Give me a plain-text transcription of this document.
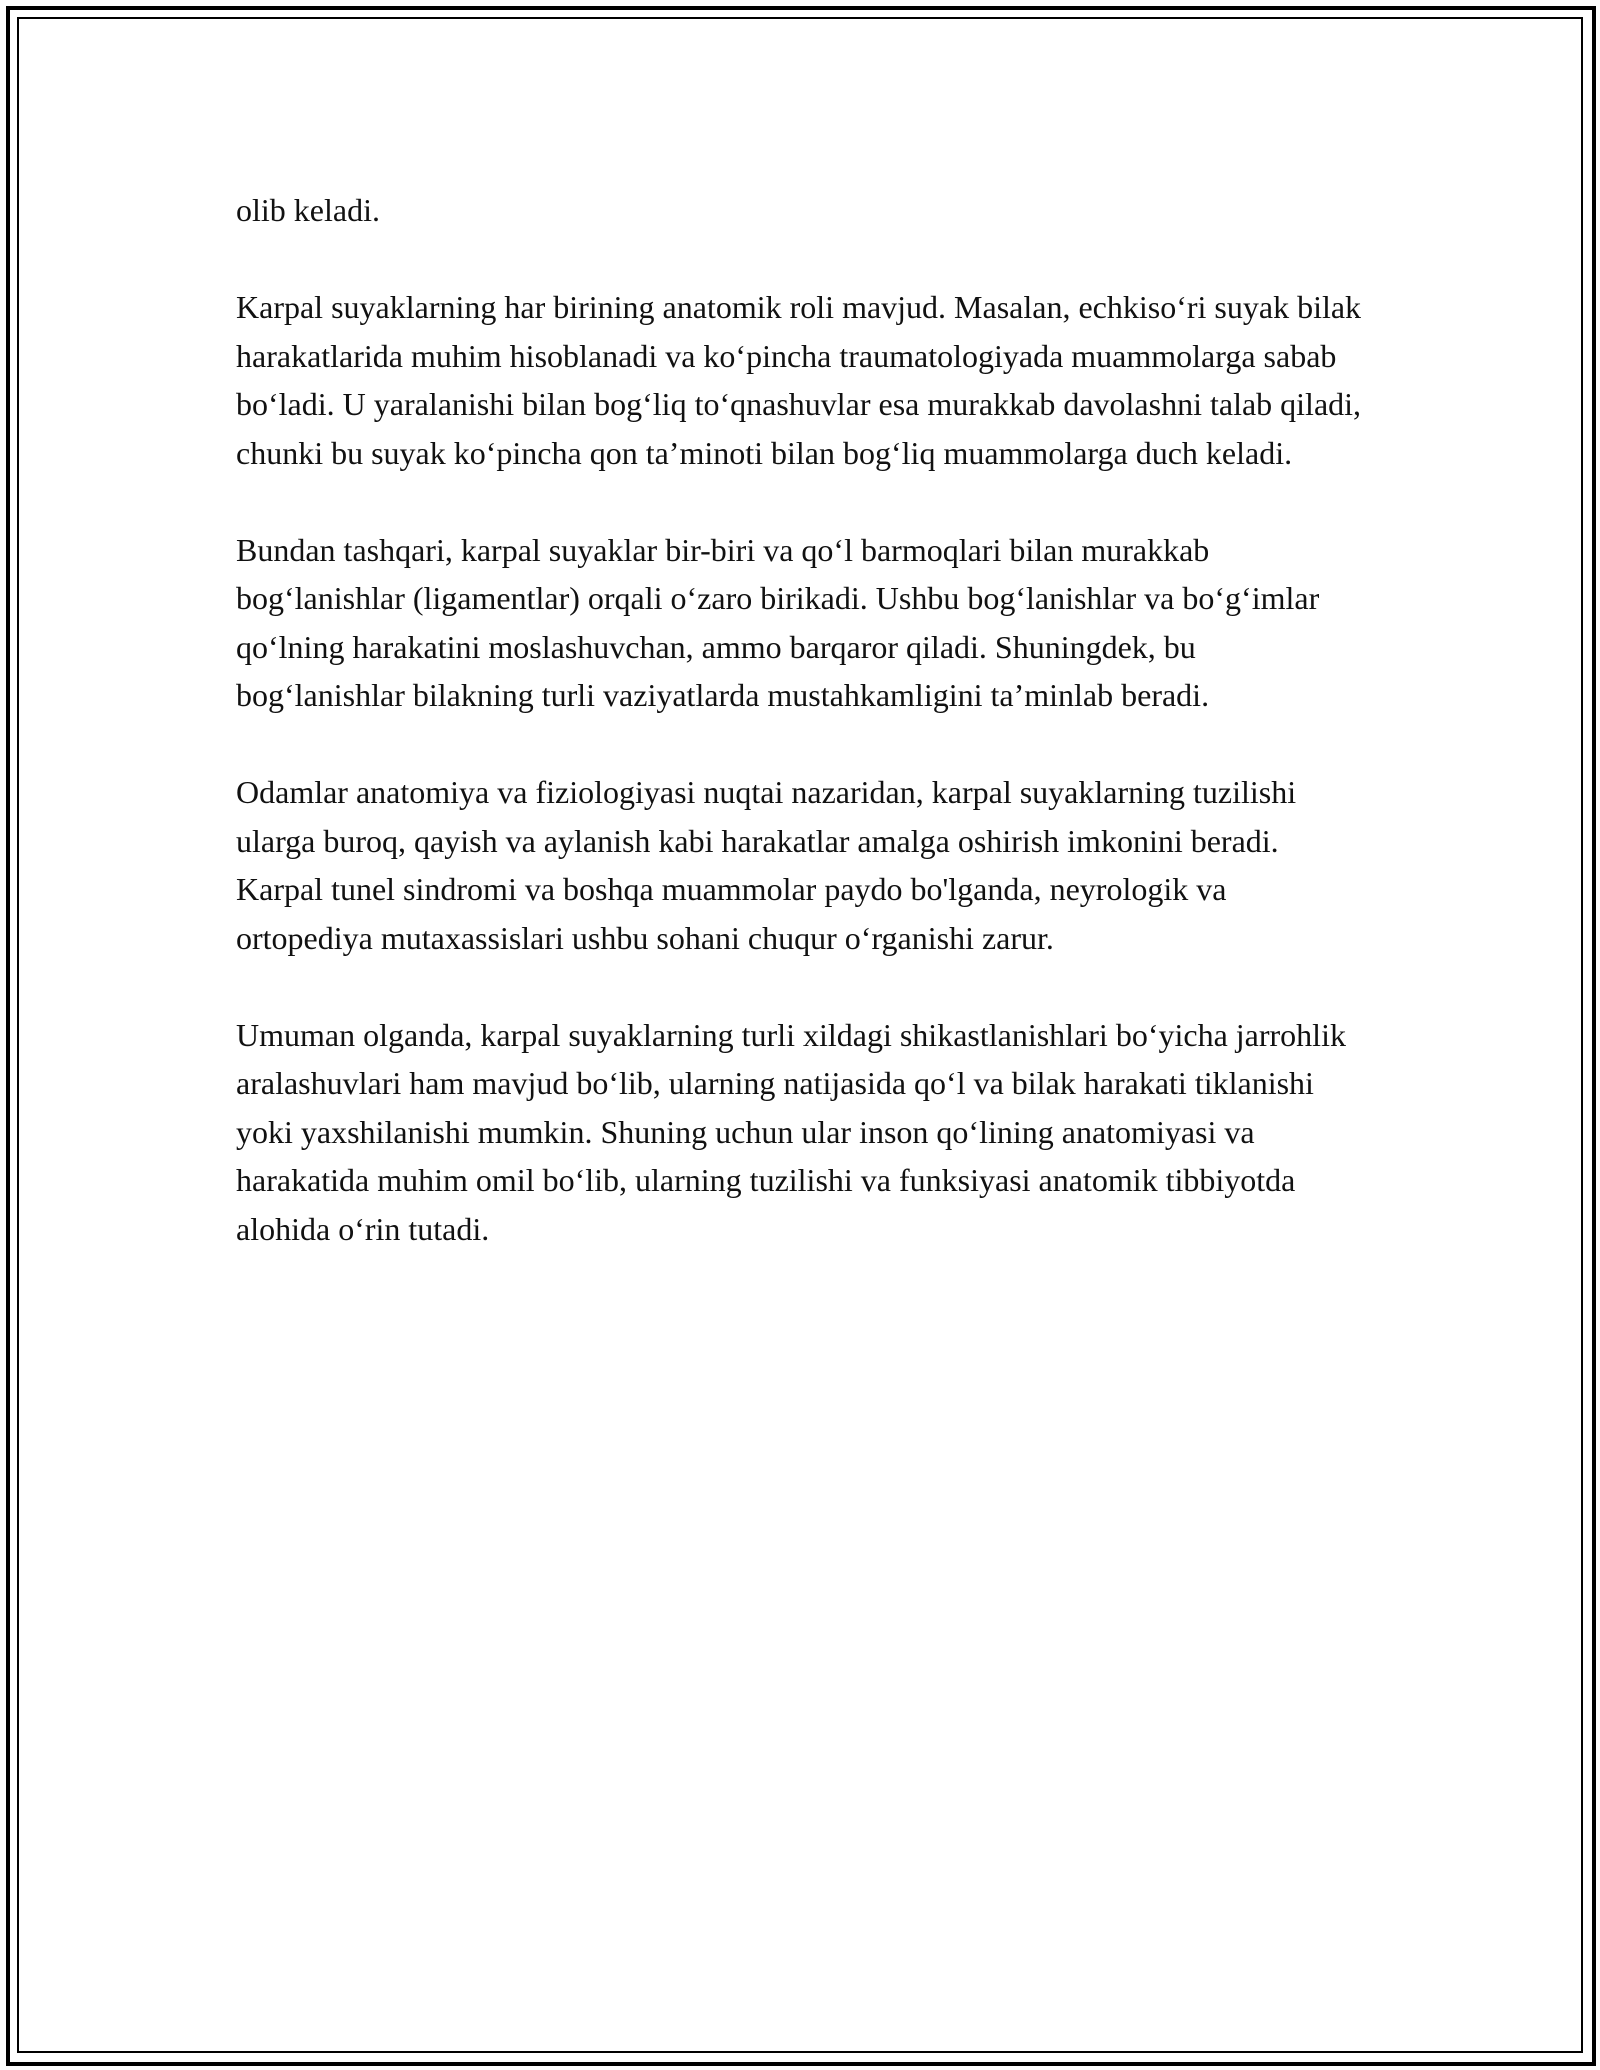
olib keladi.

Karpal suyaklarning har birining anatomik roli mavjud. Masalan, echkiso‘ri suyak bilak harakatlarida muhim hisoblanadi va ko‘pincha traumatologiyada muammolarga sabab bo‘ladi. U yaralanishi bilan bog‘liq to‘qnashuvlar esa murakkab davolashni talab qiladi, chunki bu suyak ko‘pincha qon ta’minoti bilan bog‘liq muammolarga duch keladi.

Bundan tashqari, karpal suyaklar bir-biri va qo‘l barmoqlari bilan murakkab bog‘lanishlar (ligamentlar) orqali o‘zaro birikadi. Ushbu bog‘lanishlar va bo‘g‘imlar qo‘lning harakatini moslashuvchan, ammo barqaror qiladi. Shuningdek, bu bog‘lanishlar bilakning turli vaziyatlarda mustahkamligini ta’minlab beradi.

Odamlar anatomiya va fiziologiyasi nuqtai nazaridan, karpal suyaklarning tuzilishi ularga buroq, qayish va aylanish kabi harakatlar amalga oshirish imkonini beradi. Karpal tunel sindromi va boshqa muammolar paydo bo'lganda, neyrologik va ortopediya mutaxassislari ushbu sohani chuqur o‘rganishi zarur.

Umuman olganda, karpal suyaklarning turli xildagi shikastlanishlari bo‘yicha jarrohlik aralashuvlari ham mavjud bo‘lib, ularning natijasida qo‘l va bilak harakati tiklanishi yoki yaxshilanishi mumkin. Shuning uchun ular inson qo‘lining anatomiyasi va harakatida muhim omil bo‘lib, ularning tuzilishi va funksiyasi anatomik tibbiyotda alohida o‘rin tutadi.
